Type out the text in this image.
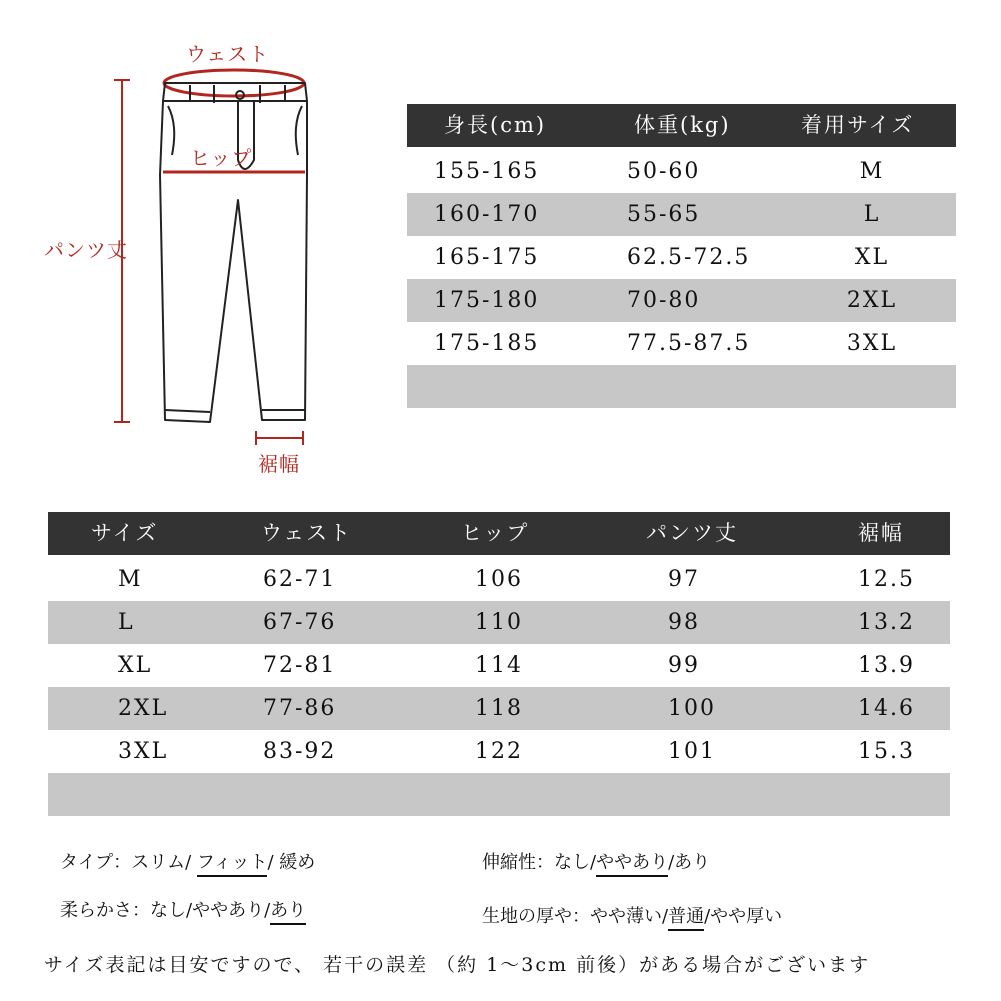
ウェスト
ヒップ
パンツ丈
裾幅
身長(cm)	体重(kg)	着用サイズ
155-165	50-60	M
160-170	55-65	L
165-175	62.5-72.5	XL
175-180	70-80	2XL
175-185	77.5-87.5	3XL
サイズ	ウェスト	ヒップ	パンツ丈	裾幅
M	62-71	106	97	12.5
L	67-76	110	98	13.2
XL	72-81	114	99	13.9
2XL	77-86	118	100	14.6
3XL	83-92	122	101	15.3
タイプ：スリム/ フィット/ 緩め	伸縮性：なし/ややあり/あり
柔らかさ：なし/ややあり/あり	生地の厚や：やや薄い/普通/やや厚い
サイズ表記は目安ですので、 若干の誤差 （約 1〜3cm 前後）がある場合がございます
